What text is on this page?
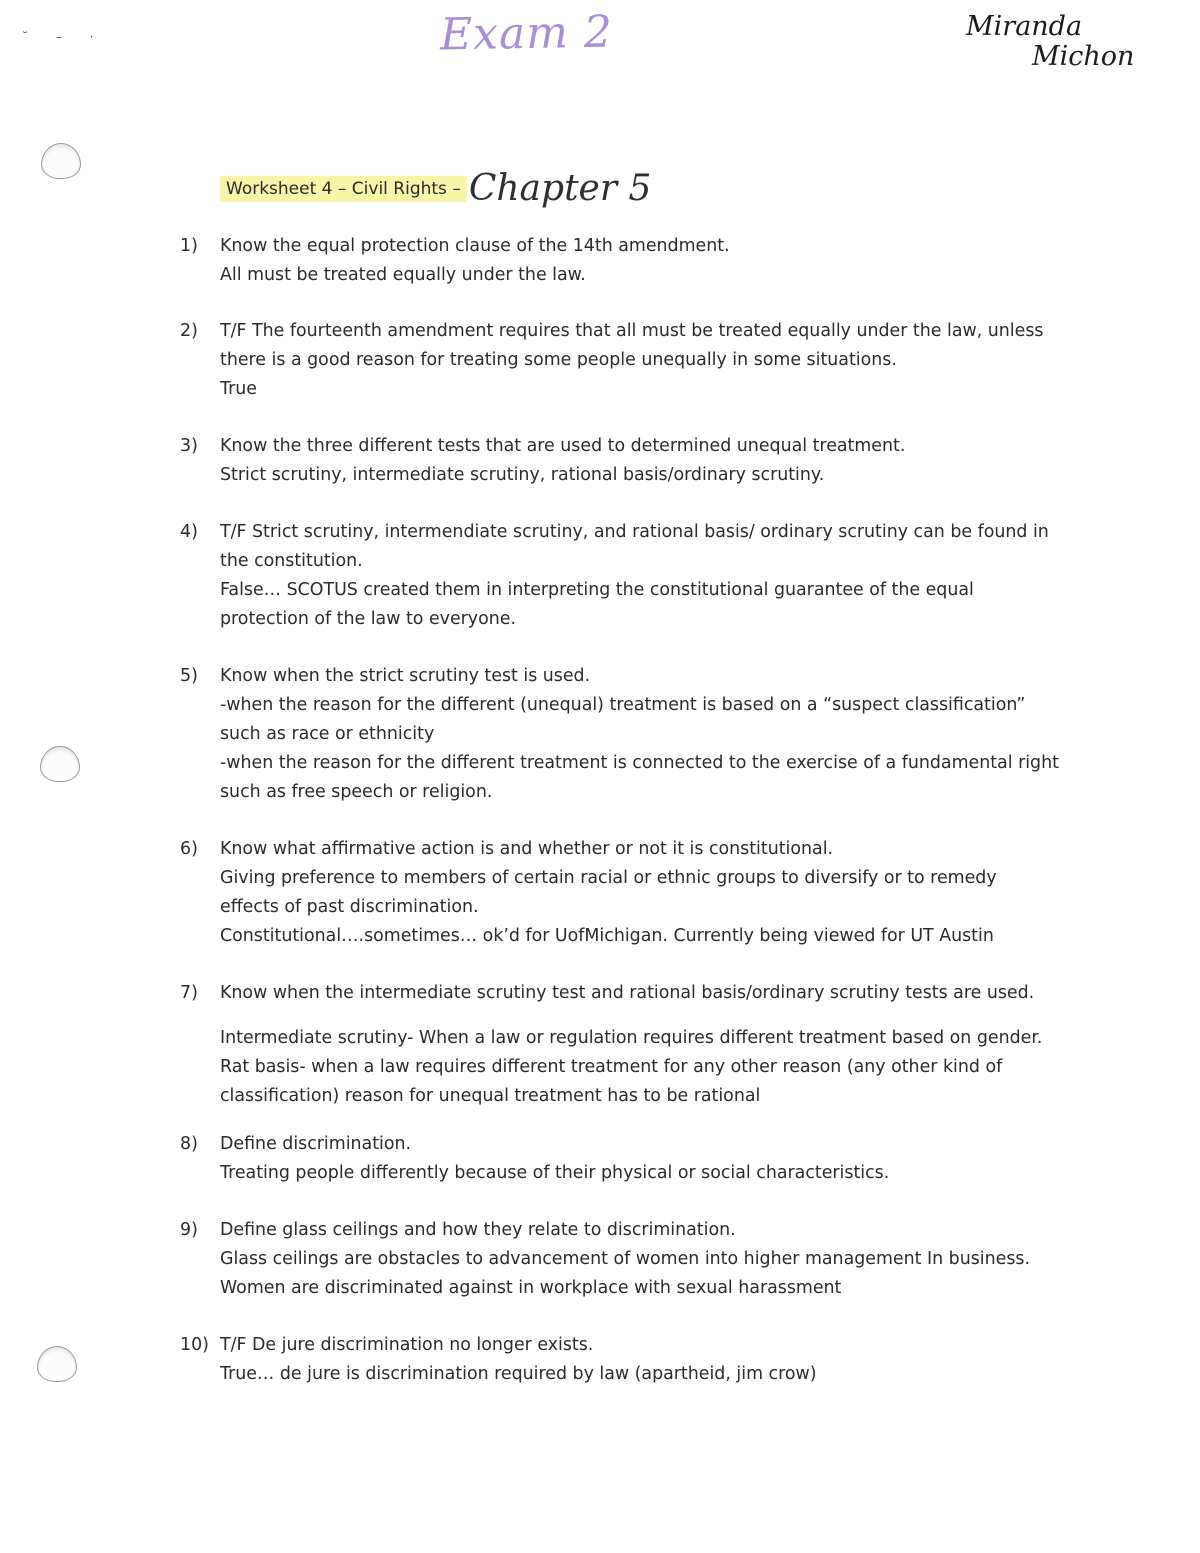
˘ – ·	Exam 2	Miranda
Michon
Worksheet 4 – Civil Rights – Chapter 5
1)	Know the equal protection clause of the 14th amendment.

All must be treated equally under the law.

2)	T/F The fourteenth amendment requires that all must be treated equally under the law, unless there is a good reason for treating some people unequally in some situations.

True

3)	Know the three different tests that are used to determined unequal treatment.

Strict scrutiny, intermediate scrutiny, rational basis/ordinary scrutiny.

4)	T/F Strict scrutiny, intermendiate scrutiny, and rational basis/ ordinary scrutiny can be found in the constitution.

False… SCOTUS created them in interpreting the constitutional guarantee of the equal protection of the law to everyone.

5)	Know when the strict scrutiny test is used.

-when the reason for the different (unequal) treatment is based on a “suspect classification” such as race or ethnicity

-when the reason for the different treatment is connected to the exercise of a fundamental right such as free speech or religion.

6)	Know what affirmative action is and whether or not it is constitutional.

Giving preference to members of certain racial or ethnic groups to diversify or to remedy effects of past discrimination.

Constitutional….sometimes… ok’d for UofMichigan. Currently being viewed for UT Austin

7)	Know when the intermediate scrutiny test and rational basis/ordinary scrutiny tests are used.

Intermediate scrutiny- When a law or regulation requires different treatment based on gender.

Rat basis- when a law requires different treatment for any other reason (any other kind of classification) reason for unequal treatment has to be rational

8)	Define discrimination.

Treating people differently because of their physical or social characteristics.

9)	Define glass ceilings and how they relate to discrimination.

Glass ceilings are obstacles to advancement of women into higher management In business.

Women are discriminated against in workplace with sexual harassment

10) T/F De jure discrimination no longer exists.

True… de jure is discrimination required by law (apartheid, jim crow)
